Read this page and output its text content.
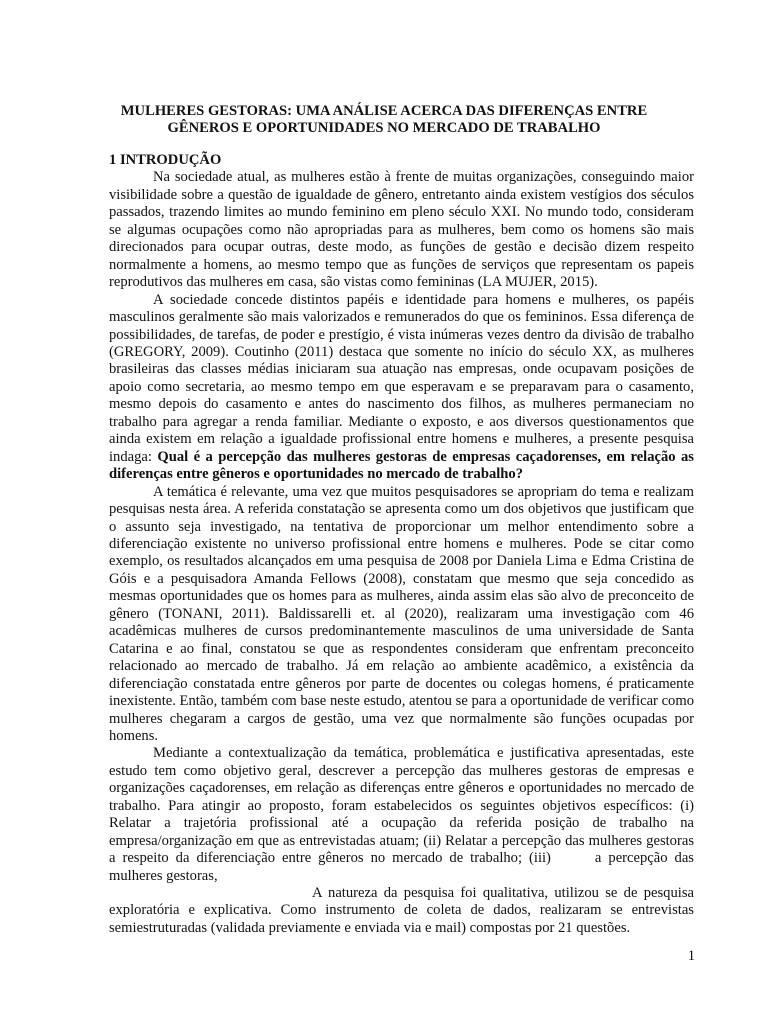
MULHERES GESTORAS: UMA ANÁLISE ACERCA DAS DIFERENÇAS ENTRE
GÊNEROS E OPORTUNIDADES NO MERCADO DE TRABALHO
1 INTRODUÇÃO

Na sociedade atual, as mulheres estão à frente de muitas organizações, conseguindo maior visibilidade sobre a questão de igualdade de gênero, entretanto ainda existem vestígios dos séculos passados, trazendo limites ao mundo feminino em pleno século XXI. No mundo todo, consideram se algumas ocupações como não apropriadas para as mulheres, bem como os homens são mais direcionados para ocupar outras, deste modo, as funções de gestão e decisão dizem respeito normalmente a homens, ao mesmo tempo que as funções de serviços que representam os papeis reprodutivos das mulheres em casa, são vistas como femininas (LA MUJER, 2015).

A sociedade concede distintos papéis e identidade para homens e mulheres, os papéis masculinos geralmente são mais valorizados e remunerados do que os femininos. Essa diferença de possibilidades, de tarefas, de poder e prestígio, é vista inúmeras vezes dentro da divisão de trabalho (GREGORY, 2009). Coutinho (2011) destaca que somente no início do século XX, as mulheres brasileiras das classes médias iniciaram sua atuação nas empresas, onde ocupavam posições de apoio como secretaria, ao mesmo tempo em que esperavam e se preparavam para o casamento, mesmo depois do casamento e antes do nascimento dos filhos, as mulheres permaneciam no trabalho para agregar a renda familiar. Mediante o exposto, e aos diversos questionamentos que ainda existem em relação a igualdade profissional entre homens e mulheres, a presente pesquisa indaga: Qual é a percepção das mulheres gestoras de empresas caçadorenses, em relação as diferenças entre gêneros e oportunidades no mercado de trabalho?

A temática é relevante, uma vez que muitos pesquisadores se apropriam do tema e realizam pesquisas nesta área. A referida constatação se apresenta como um dos objetivos que justificam que o assunto seja investigado, na tentativa de proporcionar um melhor entendimento sobre a diferenciação existente no universo profissional entre homens e mulheres. Pode se citar como exemplo, os resultados alcançados em uma pesquisa de 2008 por Daniela Lima e Edma Cristina de Góis e a pesquisadora Amanda Fellows (2008), constatam que mesmo que seja concedido as mesmas oportunidades que os homes para as mulheres, ainda assim elas são alvo de preconceito de gênero (TONANI, 2011). Baldissarelli et. al (2020), realizaram uma investigação com 46 acadêmicas mulheres de cursos predominantemente masculinos de uma universidade de Santa Catarina e ao final, constatou se que as respondentes consideram que enfrentam preconceito relacionado ao mercado de trabalho. Já em relação ao ambiente acadêmico, a existência da diferenciação constatada entre gêneros por parte de docentes ou colegas homens, é praticamente inexistente. Então, também com base neste estudo, atentou se para a oportunidade de verificar como mulheres chegaram a cargos de gestão, uma vez que normalmente são funções ocupadas por homens.

Mediante a contextualização da temática, problemática e justificativa apresentadas, este estudo tem como objetivo geral, descrever a percepção das mulheres gestoras de empresas e organizações caçadorenses, em relação as diferenças entre gêneros e oportunidades no mercado de trabalho. Para atingir ao proposto, foram estabelecidos os seguintes objetivos específicos: (i) Relatar a trajetória profissional até a ocupação da referida posição de trabalho na empresa/organização em que as entrevistadas atuam; (ii) Relatar a percepção das mulheres gestoras a respeito da diferenciação entre gêneros no mercado de trabalho; (iii)	a percepção das mulheres gestoras,

A natureza da pesquisa foi qualitativa, utilizou se de pesquisa exploratória e explicativa. Como instrumento de coleta de dados, realizaram se entrevistas semiestruturadas (validada previamente e enviada via e mail) compostas por 21 questões.

1
